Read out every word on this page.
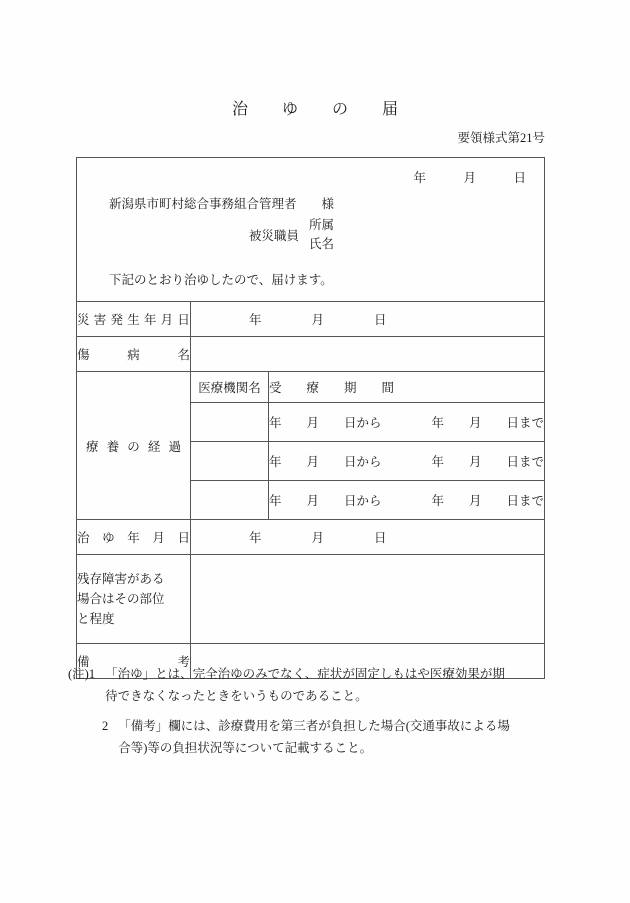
治ゆの届
要領様式第21号
年　　　月　　　日
新潟県市町村総合事務組合管理者　　様
被災職員
所属
氏名
下記のとおり治ゆしたので、届けます。

災 害 発 生 年 月 日	年　　　　月　　　　日

傷 病 名		

療 養 の 経 過	医療機関名	受　　療　　期　　間
		年　　月　　日から　　　　年　　月　　日まで
		年　　月　　日から　　　　年　　月　　日まで
		年　　月　　日から　　　　年　　月　　日まで

治 ゆ 年 月 日	年　　　　月　　　　日	

残存障害がある
場合はその部位
と程度		

備 考		

(注)1 「治ゆ」とは、完全治ゆのみでなく、症状が固定しもはや医療効果が期

待できなくなったときをいうものであること。

2 「備考」欄には、診療費用を第三者が負担した場合(交通事故による場

合等)等の負担状況等について記載すること。
